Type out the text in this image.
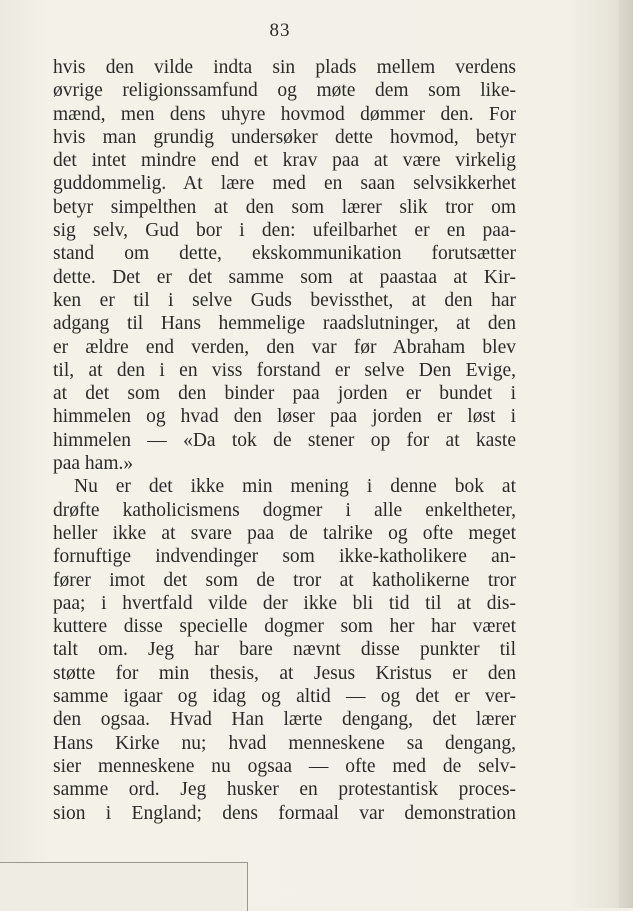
83
hvis den vilde indta sin plads mellem verdens
øvrige religionssamfund og møte dem som like-
mænd, men dens uhyre hovmod dømmer den. For
hvis man grundig undersøker dette hovmod, betyr
det intet mindre end et krav paa at være virkelig
guddommelig. At lære med en saan selvsikkerhet
betyr simpelthen at den som lærer slik tror om
sig selv, Gud bor i den: ufeilbarhet er en paa-
stand om dette, ekskommunikation forutsætter
dette. Det er det samme som at paastaa at Kir-
ken er til i selve Guds bevissthet, at den har
adgang til Hans hemmelige raadslutninger, at den
er ældre end verden, den var før Abraham blev
til, at den i en viss forstand er selve Den Evige,
at det som den binder paa jorden er bundet i
himmelen og hvad den løser paa jorden er løst i
himmelen — «Da tok de stener op for at kaste
paa ham.»
Nu er det ikke min mening i denne bok at
drøfte katholicismens dogmer i alle enkeltheter,
heller ikke at svare paa de talrike og ofte meget
fornuftige indvendinger som ikke-katholikere an-
fører imot det som de tror at katholikerne tror
paa; i hvertfald vilde der ikke bli tid til at dis-
kuttere disse specielle dogmer som her har været
talt om. Jeg har bare nævnt disse punkter til
støtte for min thesis, at Jesus Kristus er den
samme igaar og idag og altid — og det er ver-
den ogsaa. Hvad Han lærte dengang, det lærer
Hans Kirke nu; hvad menneskene sa dengang,
sier menneskene nu ogsaa — ofte med de selv-
samme ord. Jeg husker en protestantisk proces-
sion i England; dens formaal var demonstration
